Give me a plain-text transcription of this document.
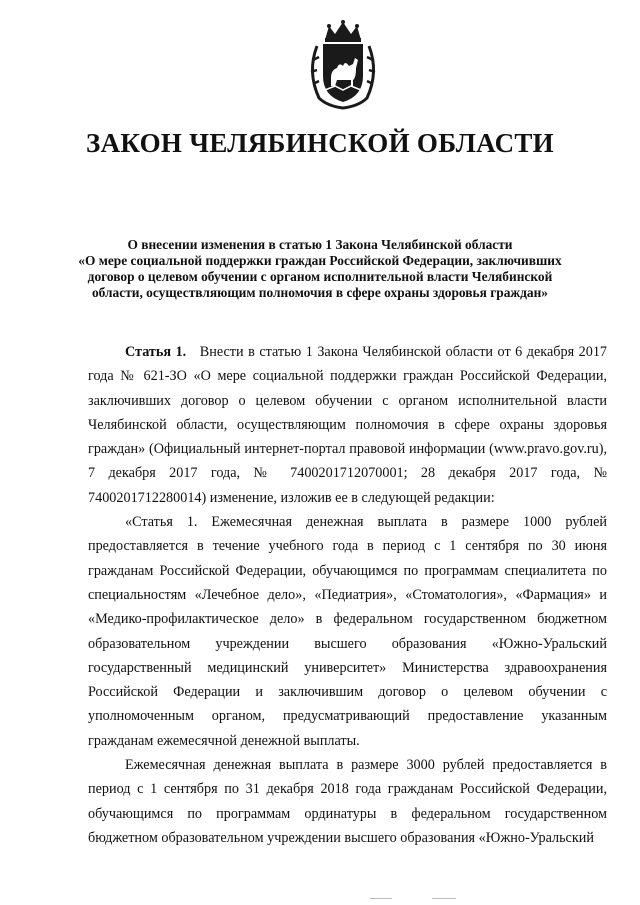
ЗАКОН ЧЕЛЯБИНСКОЙ ОБЛАСТИ
О внесении изменения в статью 1 Закона Челябинской области
«О мере социальной поддержки граждан Российской Федерации, заключивших
договор о целевом обучении с органом исполнительной власти Челябинской
области, осуществляющим полномочия в сфере охраны здоровья граждан»

Статья 1. Внести в статью 1 Закона Челябинской области от 6 декабря 2017 года № 621-ЗО «О мере социальной поддержки граждан Российской Федерации, заключивших договор о целевом обучении с органом исполнительной власти Челябинской области, осуществляющим полномочия в сфере охраны здоровья граждан» (Официальный интернет-портал правовой информации (www.pravo.gov.ru), 7 декабря 2017 года, № 7400201712070001; 28 декабря 2017 года, № 7400201712280014) изменение, изложив ее в следующей редакции:

«Статья 1. Ежемесячная денежная выплата в размере 1000 рублей предоставляется в течение учебного года в период с 1 сентября по 30 июня гражданам Российской Федерации, обучающимся по программам специалитета по специальностям «Лечебное дело», «Педиатрия», «Стоматология», «Фармация» и «Медико-профилактическое дело» в федеральном государственном бюджетном образовательном учреждении высшего образования «Южно-Уральский государственный медицинский университет» Министерства здравоохранения Российской Федерации и заключившим договор о целевом обучении с уполномоченным органом, предусматривающий предоставление указанным гражданам ежемесячной денежной выплаты.

Ежемесячная денежная выплата в размере 3000 рублей предоставляется в период с 1 сентября по 31 декабря 2018 года гражданам Российской Федерации, обучающимся по программам ординатуры в федеральном государственном бюджетном образовательном учреждении высшего образования «Южно-Уральский
